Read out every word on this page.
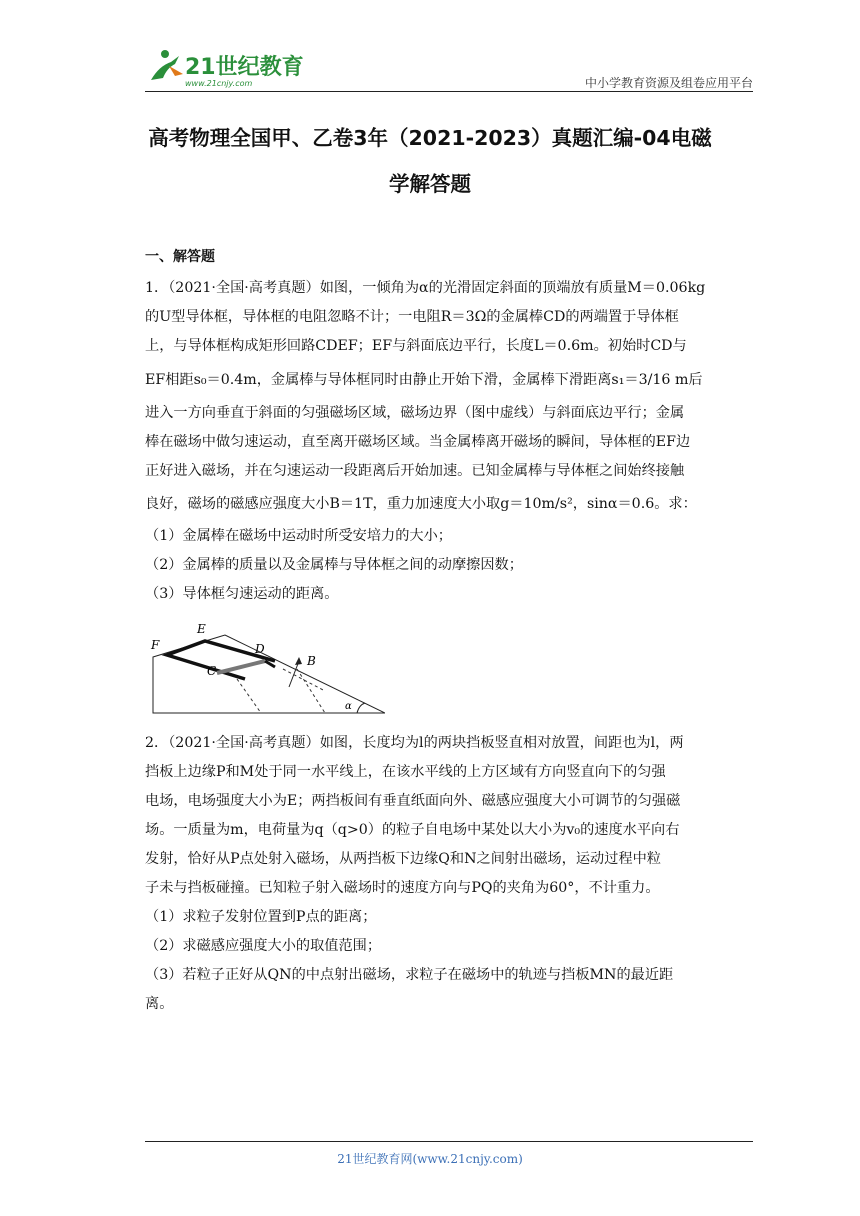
21世纪教育
www.21cnjy.com	中小学教育资源及组卷应用平台
高考物理全国甲、乙卷3年（2021-2023）真题汇编-04电磁
学解答题
一、解答题

1．（2021·全国·高考真题）如图，一倾角为α的光滑固定斜面的顶端放有质量M＝0.06kg

的U型导体框，导体框的电阻忽略不计；一电阻R＝3Ω的金属棒CD的两端置于导体框

上，与导体框构成矩形回路CDEF；EF与斜面底边平行，长度L＝0.6m。初始时CD与

EF相距s₀＝0.4m，金属棒与导体框同时由静止开始下滑，金属棒下滑距离s₁＝3/16 m后

进入一方向垂直于斜面的匀强磁场区域，磁场边界（图中虚线）与斜面底边平行；金属

棒在磁场中做匀速运动，直至离开磁场区域。当金属棒离开磁场的瞬间，导体框的EF边

正好进入磁场，并在匀速运动一段距离后开始加速。已知金属棒与导体框之间始终接触

良好，磁场的磁感应强度大小B＝1T，重力加速度大小取g＝10m/s²，sinα＝0.6。求：

（1）金属棒在磁场中运动时所受安培力的大小；

（2）金属棒的质量以及金属棒与导体框之间的动摩擦因数；

（3）导体框匀速运动的距离。

F
E
D
C
B
α

2．（2021·全国·高考真题）如图，长度均为l的两块挡板竖直相对放置，间距也为l，两

挡板上边缘P和M处于同一水平线上，在该水平线的上方区域有方向竖直向下的匀强

电场，电场强度大小为E；两挡板间有垂直纸面向外、磁感应强度大小可调节的匀强磁

场。一质量为m，电荷量为q（q>0）的粒子自电场中某处以大小为v₀的速度水平向右

发射，恰好从P点处射入磁场，从两挡板下边缘Q和N之间射出磁场，运动过程中粒

子未与挡板碰撞。已知粒子射入磁场时的速度方向与PQ的夹角为60°，不计重力。

（1）求粒子发射位置到P点的距离；

（2）求磁感应强度大小的取值范围；

（3）若粒子正好从QN的中点射出磁场，求粒子在磁场中的轨迹与挡板MN的最近距

离。

21世纪教育网(www.21cnjy.com)
